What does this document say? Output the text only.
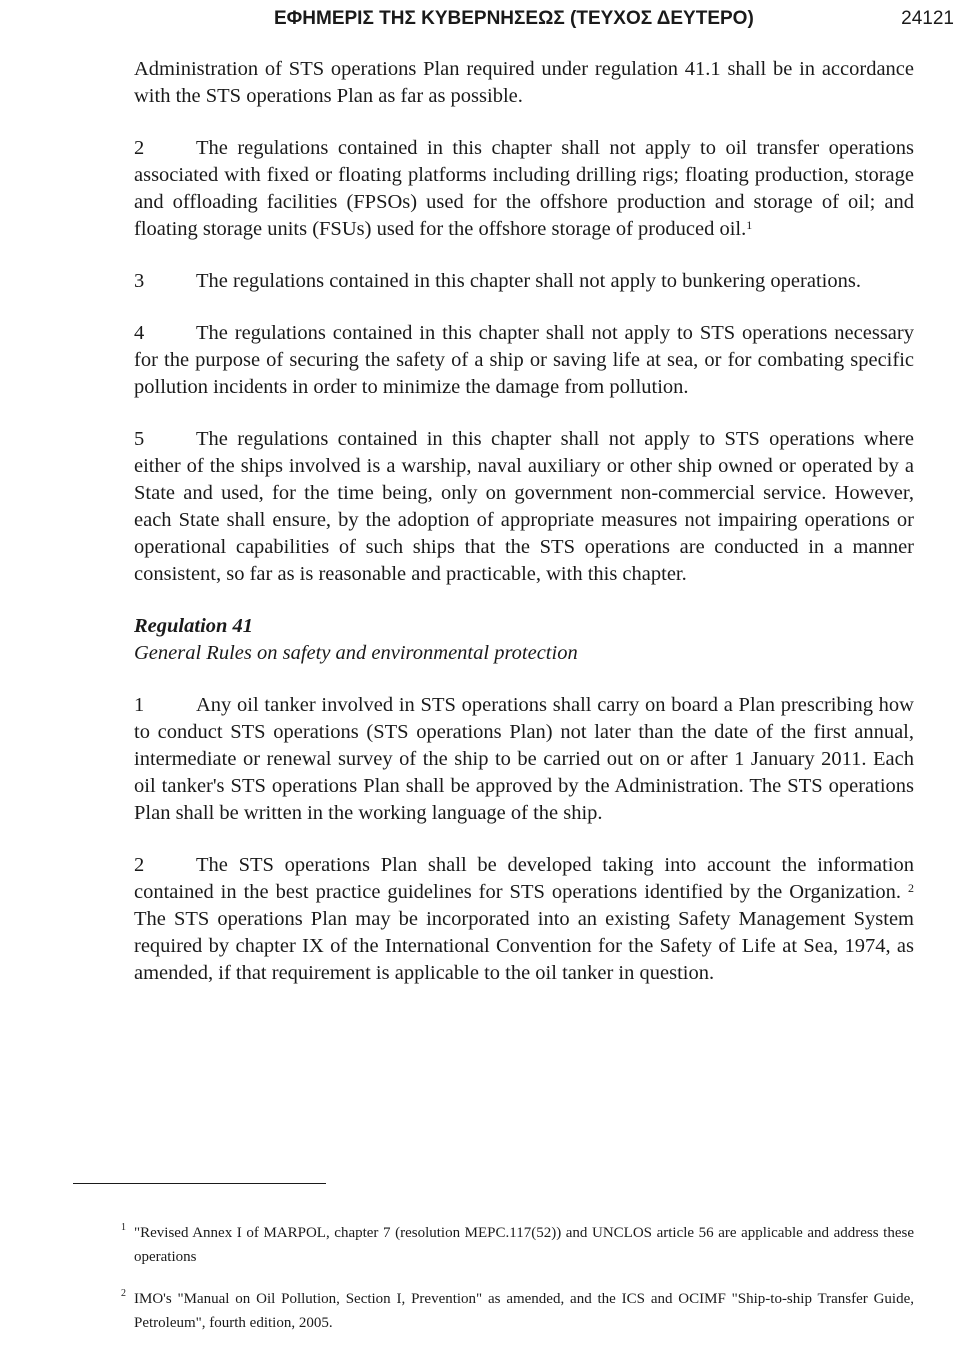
ΕΦΗΜΕΡΙΣ ΤΗΣ ΚΥΒΕΡΝΗΣΕΩΣ (ΤΕΥΧΟΣ ΔΕΥΤΕΡΟ)	24121

Administration of STS operations Plan required under regulation 41.1 shall be in accordance with the STS operations Plan as far as possible.

2	The regulations contained in this chapter shall not apply to oil transfer operations associated with fixed or floating platforms including drilling rigs; floating production, storage and offloading facilities (FPSOs) used for the offshore production and storage of oil; and floating storage units (FSUs) used for the offshore storage of produced oil.$^1$

3	The regulations contained in this chapter shall not apply to bunkering operations.

4	The regulations contained in this chapter shall not apply to STS operations necessary for the purpose of securing the safety of a ship or saving life at sea, or for combating specific pollution incidents in order to minimize the damage from pollution.

5	The regulations contained in this chapter shall not apply to STS operations where either of the ships involved is a warship, naval auxiliary or other ship owned or operated by a State and used, for the time being, only on government non-commercial service. However, each State shall ensure, by the adoption of appropriate measures not impairing operations or operational capabilities of such ships that the STS operations are conducted in a manner consistent, so far as is reasonable and practicable, with this chapter.

Regulation 41

General Rules on safety and environmental protection

1	Any oil tanker involved in STS operations shall carry on board a Plan prescribing how to conduct STS operations (STS operations Plan) not later than the date of the first annual, intermediate or renewal survey of the ship to be carried out on or after 1 January 2011. Each oil tanker's STS operations Plan shall be approved by the Administration. The STS operations Plan shall be written in the working language of the ship.

2	The STS operations Plan shall be developed taking into account the information contained in the best practice guidelines for STS operations identified by the Organization. $^2$ The STS operations Plan may be incorporated into an existing Safety Management System required by chapter IX of the International Convention for the Safety of Life at Sea, 1974, as amended, if that requirement is applicable to the oil tanker in question.

1 "Revised Annex I of MARPOL, chapter 7 (resolution MEPC.117(52)) and UNCLOS article 56 are applicable and address these operations

2 IMO's "Manual on Oil Pollution, Section I, Prevention" as amended, and the ICS and OCIMF "Ship-to-ship Transfer Guide, Petroleum", fourth edition, 2005.
